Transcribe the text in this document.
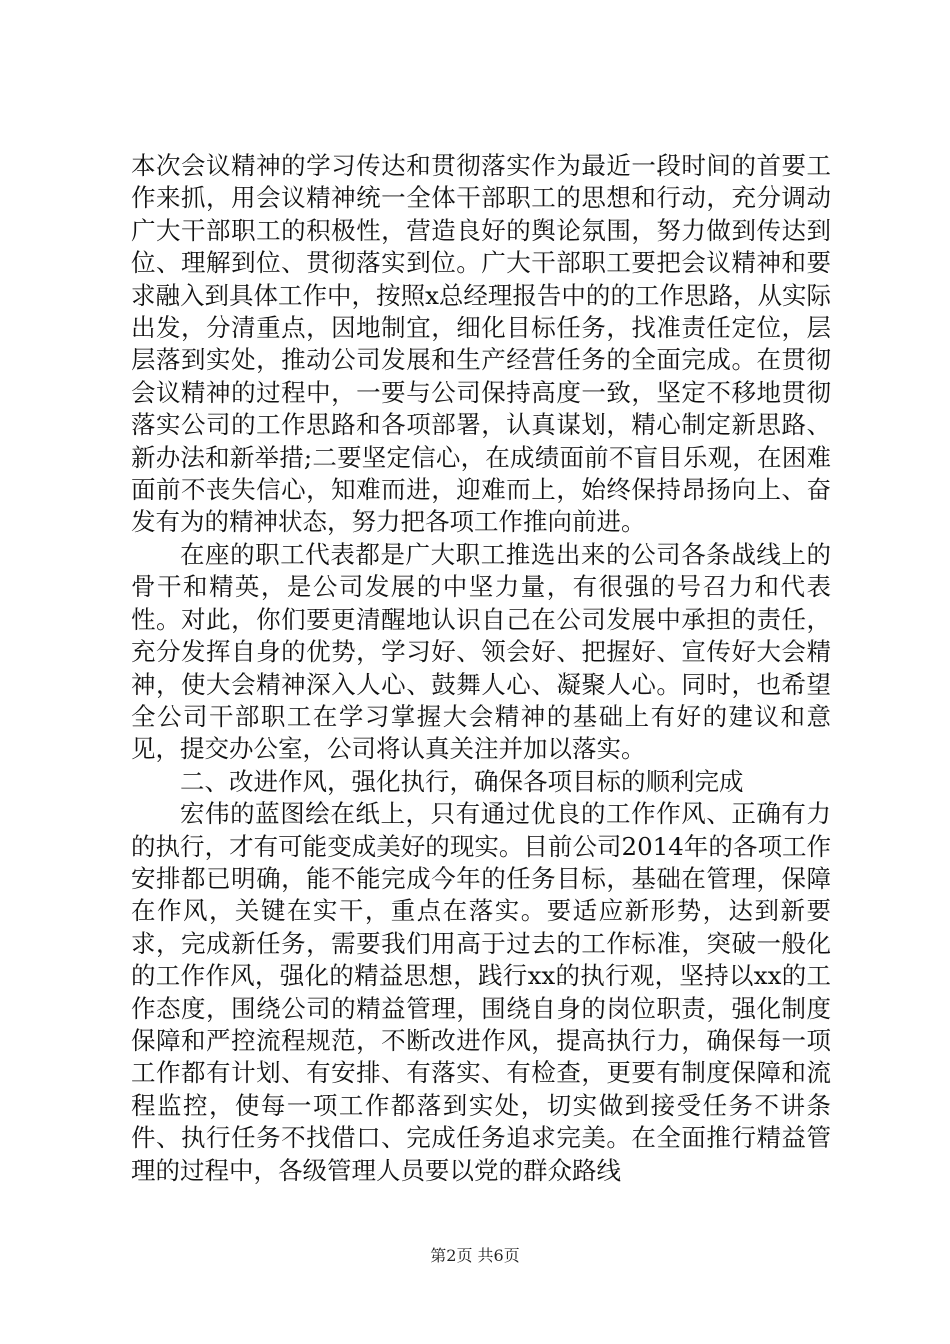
本次会议精神的学习传达和贯彻落实作为最近一段时间的首要工作来抓，用会议精神统一全体干部职工的思想和行动，充分调动广大干部职工的积极性，营造良好的舆论氛围，努力做到传达到位、理解到位、贯彻落实到位。广大干部职工要把会议精神和要求融入到具体工作中，按照x总经理报告中的的工作思路，从实际出发，分清重点，因地制宜，细化目标任务，找准责任定位，层层落到实处，推动公司发展和生产经营任务的全面完成。在贯彻会议精神的过程中，一要与公司保持高度一致，坚定不移地贯彻落实公司的工作思路和各项部署，认真谋划，精心制定新思路、新办法和新举措;二要坚定信心，在成绩面前不盲目乐观，在困难面前不丧失信心，知难而进，迎难而上，始终保持昂扬向上、奋发有为的精神状态，努力把各项工作推向前进。

在座的职工代表都是广大职工推选出来的公司各条战线上的骨干和精英，是公司发展的中坚力量，有很强的号召力和代表性。对此，你们要更清醒地认识自己在公司发展中承担的责任，充分发挥自身的优势，学习好、领会好、把握好、宣传好大会精神，使大会精神深入人心、鼓舞人心、凝聚人心。同时，也希望全公司干部职工在学习掌握大会精神的基础上有好的建议和意见，提交办公室，公司将认真关注并加以落实。

二、改进作风，强化执行，确保各项目标的顺利完成

宏伟的蓝图绘在纸上，只有通过优良的工作作风、正确有力的执行，才有可能变成美好的现实。目前公司2014年的各项工作安排都已明确，能不能完成今年的任务目标，基础在管理，保障在作风，关键在实干，重点在落实。要适应新形势，达到新要求，完成新任务，需要我们用高于过去的工作标准，突破一般化的工作作风，强化的精益思想，践行xx的执行观，坚持以xx的工作态度，围绕公司的精益管理，围绕自身的岗位职责，强化制度保障和严控流程规范，不断改进作风，提高执行力，确保每一项工作都有计划、有安排、有落实、有检查，更要有制度保障和流程监控，使每一项工作都落到实处，切实做到接受任务不讲条件、执行任务不找借口、完成任务追求完美。在全面推行精益管理的过程中，各级管理人员要以党的群众路线

第2页 共6页
